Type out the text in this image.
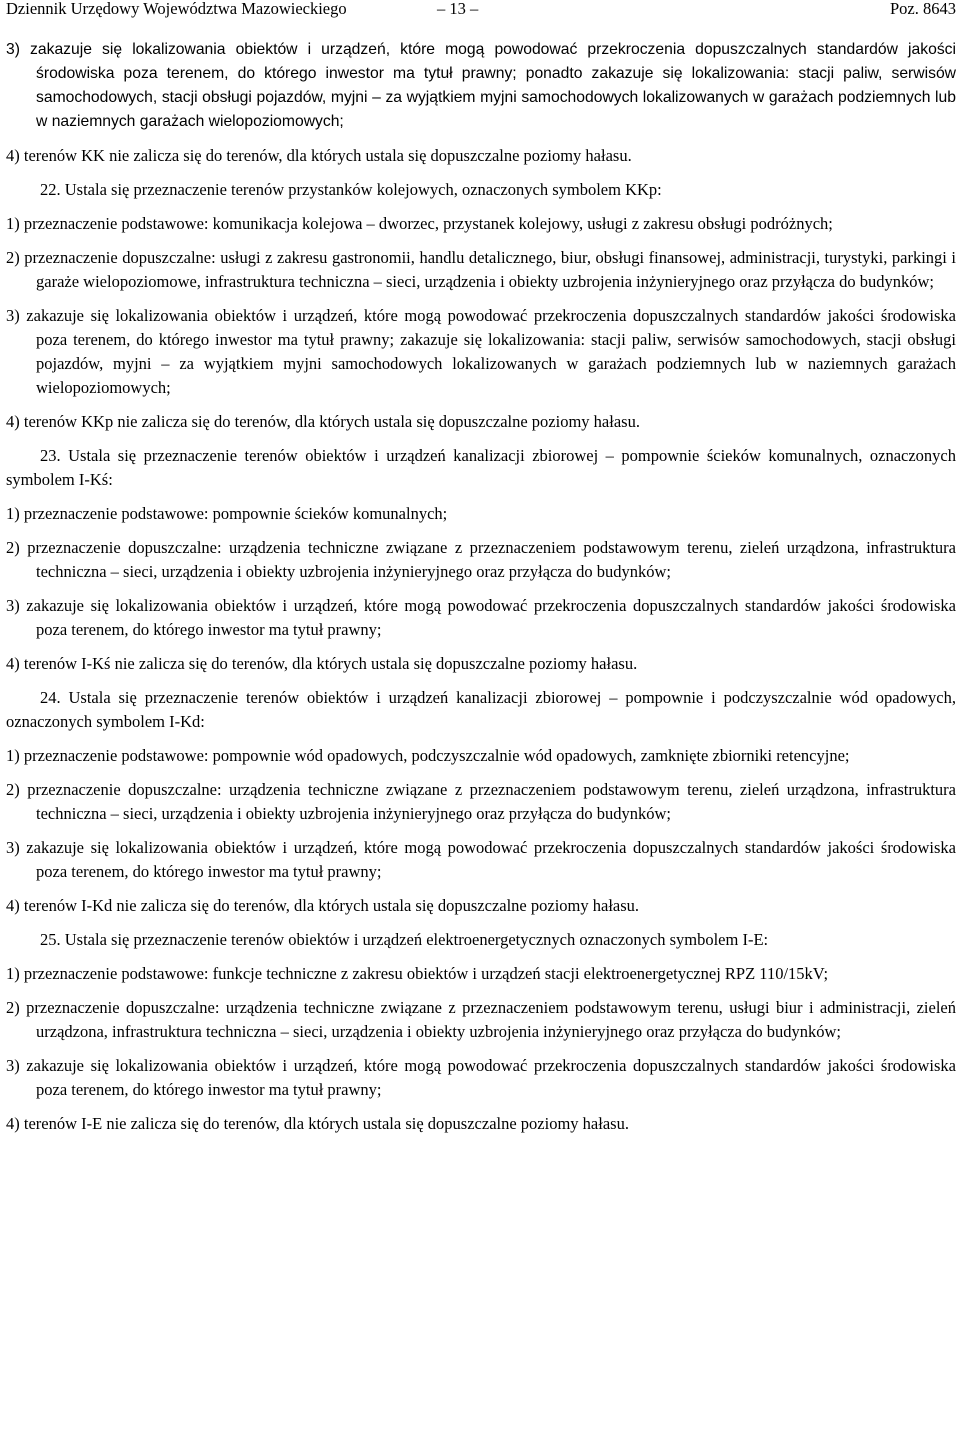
Dziennik Urzędowy Województwa Mazowieckiego	– 13 –	Poz. 8643

3) zakazuje się lokalizowania obiektów i urządzeń, które mogą powodować przekroczenia dopuszczalnych standardów jakości środowiska poza terenem, do którego inwestor ma tytuł prawny; ponadto zakazuje się lokalizowania: stacji paliw, serwisów samochodowych, stacji obsługi pojazdów, myjni – za wyjątkiem myjni samochodowych lokalizowanych w garażach podziemnych lub w naziemnych garażach wielopoziomowych;

4) terenów KK nie zalicza się do terenów, dla których ustala się dopuszczalne poziomy hałasu.

22. Ustala się przeznaczenie terenów przystanków kolejowych, oznaczonych symbolem KKp:

1) przeznaczenie podstawowe: komunikacja kolejowa – dworzec, przystanek kolejowy, usługi z zakresu obsługi podróżnych;

2) przeznaczenie dopuszczalne: usługi z zakresu gastronomii, handlu detalicznego, biur, obsługi finansowej, administracji, turystyki, parkingi i garaże wielopoziomowe, infrastruktura techniczna – sieci, urządzenia i obiekty uzbrojenia inżynieryjnego oraz przyłącza do budynków;

3) zakazuje się lokalizowania obiektów i urządzeń, które mogą powodować przekroczenia dopuszczalnych standardów jakości środowiska poza terenem, do którego inwestor ma tytuł prawny; zakazuje się lokalizowania: stacji paliw, serwisów samochodowych, stacji obsługi pojazdów, myjni – za wyjątkiem myjni samochodowych lokalizowanych w garażach podziemnych lub w naziemnych garażach wielopoziomowych;

4) terenów KKp nie zalicza się do terenów, dla których ustala się dopuszczalne poziomy hałasu.

23. Ustala się przeznaczenie terenów obiektów i urządzeń kanalizacji zbiorowej – pompownie ścieków komunalnych, oznaczonych symbolem I-Kś:

1) przeznaczenie podstawowe: pompownie ścieków komunalnych;

2) przeznaczenie dopuszczalne: urządzenia techniczne związane z przeznaczeniem podstawowym terenu, zieleń urządzona, infrastruktura techniczna – sieci, urządzenia i obiekty uzbrojenia inżynieryjnego oraz przyłącza do budynków;

3) zakazuje się lokalizowania obiektów i urządzeń, które mogą powodować przekroczenia dopuszczalnych standardów jakości środowiska poza terenem, do którego inwestor ma tytuł prawny;

4) terenów I-Kś nie zalicza się do terenów, dla których ustala się dopuszczalne poziomy hałasu.

24. Ustala się przeznaczenie terenów obiektów i urządzeń kanalizacji zbiorowej – pompownie i podczyszczalnie wód opadowych, oznaczonych symbolem I-Kd:

1) przeznaczenie podstawowe: pompownie wód opadowych, podczyszczalnie wód opadowych, zamknięte zbiorniki retencyjne;

2) przeznaczenie dopuszczalne: urządzenia techniczne związane z przeznaczeniem podstawowym terenu, zieleń urządzona, infrastruktura techniczna – sieci, urządzenia i obiekty uzbrojenia inżynieryjnego oraz przyłącza do budynków;

3) zakazuje się lokalizowania obiektów i urządzeń, które mogą powodować przekroczenia dopuszczalnych standardów jakości środowiska poza terenem, do którego inwestor ma tytuł prawny;

4) terenów I-Kd nie zalicza się do terenów, dla których ustala się dopuszczalne poziomy hałasu.

25. Ustala się przeznaczenie terenów obiektów i urządzeń elektroenergetycznych oznaczonych symbolem I-E:

1) przeznaczenie podstawowe: funkcje techniczne z zakresu obiektów i urządzeń stacji elektroenergetycznej RPZ 110/15kV;

2) przeznaczenie dopuszczalne: urządzenia techniczne związane z przeznaczeniem podstawowym terenu, usługi biur i administracji, zieleń urządzona, infrastruktura techniczna – sieci, urządzenia i obiekty uzbrojenia inżynieryjnego oraz przyłącza do budynków;

3) zakazuje się lokalizowania obiektów i urządzeń, które mogą powodować przekroczenia dopuszczalnych standardów jakości środowiska poza terenem, do którego inwestor ma tytuł prawny;

4) terenów I-E nie zalicza się do terenów, dla których ustala się dopuszczalne poziomy hałasu.
